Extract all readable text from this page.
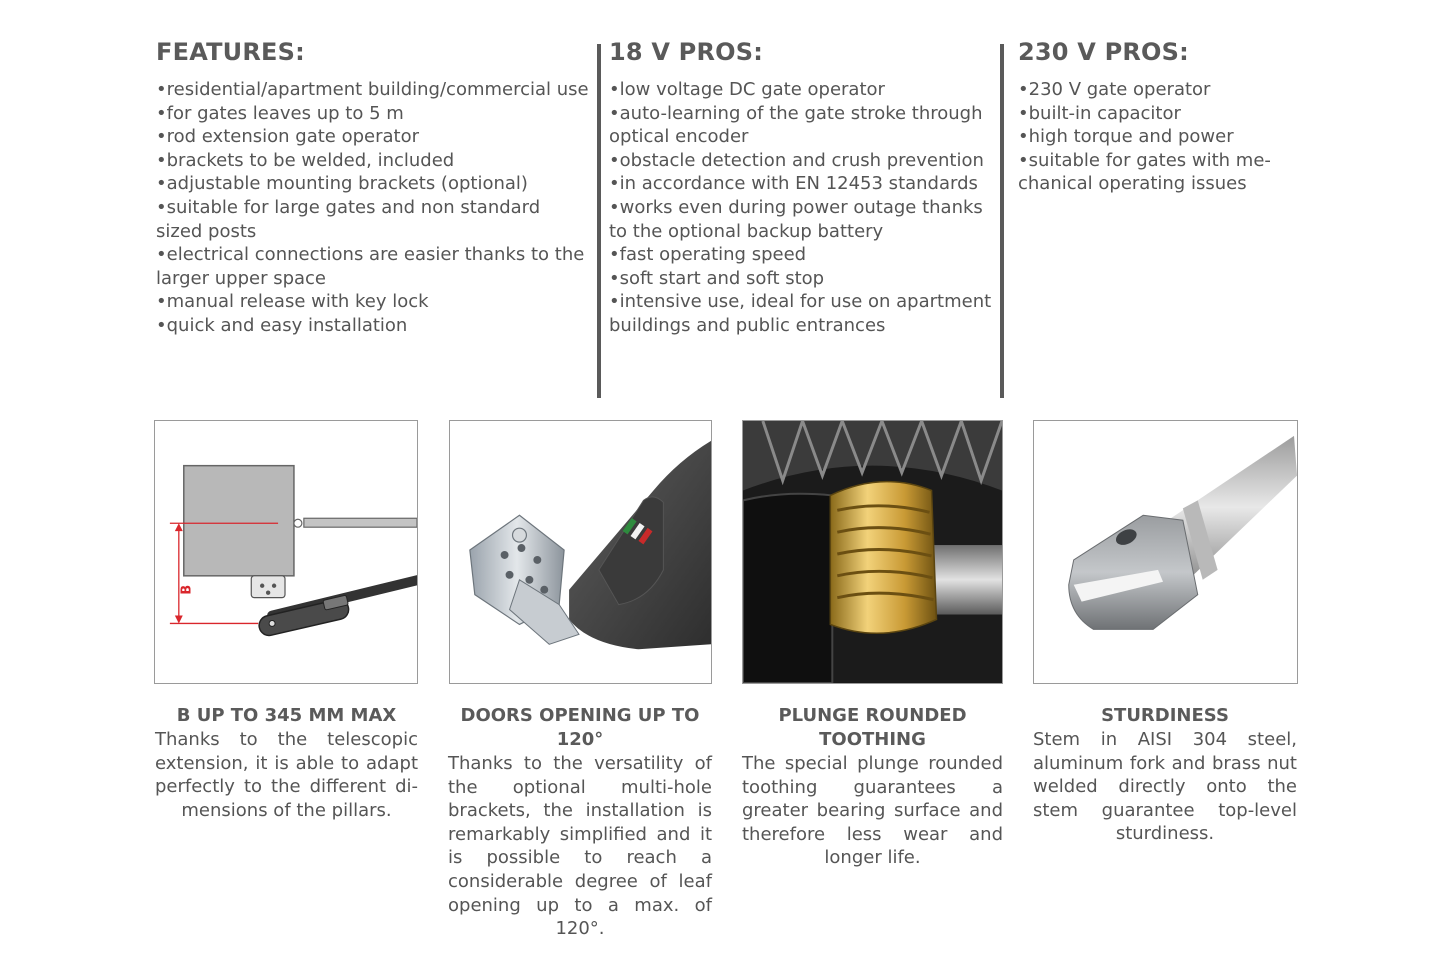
FEATURES:
• residential/apartment building/commercial use
• for gates leaves up to 5 m
• rod extension gate operator
• brackets to be welded, included
• adjustable mounting brackets (optional)
• suitable for large gates and non standard sized posts
• electrical connections are easier thanks to the larger upper space
• manual release with key lock
• quick and easy installation
18 V PROS:
• low voltage DC gate operator
• auto-learning of the gate stroke through optical encoder
• obstacle detection and crush prevention
• in accordance with EN 12453 standards
• works even during power outage thanks to the optional backup battery
• fast operating speed
• soft start and soft stop
• intensive use, ideal for use on apartment buildings and public entrances
230 V PROS:
• 230 V gate operator
• built-in capacitor
• high torque and power
• suitable for gates with me-chanical operating issues
B
B UP TO 345 MM MAX

Thanks to the telescopic extension, it is able to adapt perfectly to the different di-mensions of the pillars.

DOORS OPENING UP TO 120°

Thanks to the versatility of the optional multi-hole brackets, the installation is remarkably simplified and it is possible to reach a considerable degree of leaf opening up to a max. of 120°.

PLUNGE ROUNDED TOOTHING

The special plunge rounded toothing guarantees a greater bearing surface and therefore less wear and longer life.

STURDINESS

Stem in AISI 304 steel, aluminum fork and brass nut welded directly onto the stem guarantee top-level sturdiness.
